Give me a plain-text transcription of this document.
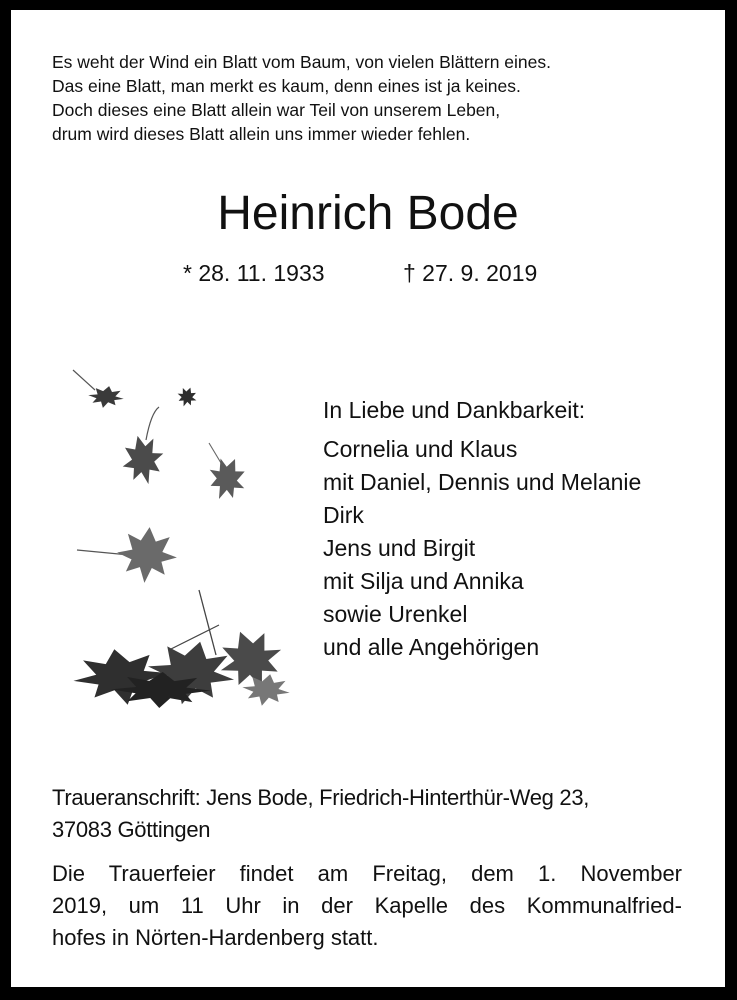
Es weht der Wind ein Blatt vom Baum, von vielen Blättern eines.
Das eine Blatt, man merkt es kaum, denn eines ist ja keines.
Doch dieses eine Blatt allein war Teil von unserem Leben,
drum wird dieses Blatt allein uns immer wieder fehlen.
Heinrich Bode
* 28. 11. 1933	† 27. 9. 2019
In Liebe und Dankbarkeit:
Cornelia und Klaus
mit Daniel, Dennis und Melanie
Dirk
Jens und Birgit
mit Silja und Annika
sowie Urenkel
und alle Angehörigen
Traueranschrift: Jens Bode, Friedrich-Hinterthür-Weg 23,
37083 Göttingen
Die Trauerfeier findet am Freitag, dem 1. November
2019, um 11 Uhr in der Kapelle des Kommunalfried-
hofes in Nörten-Hardenberg statt.
